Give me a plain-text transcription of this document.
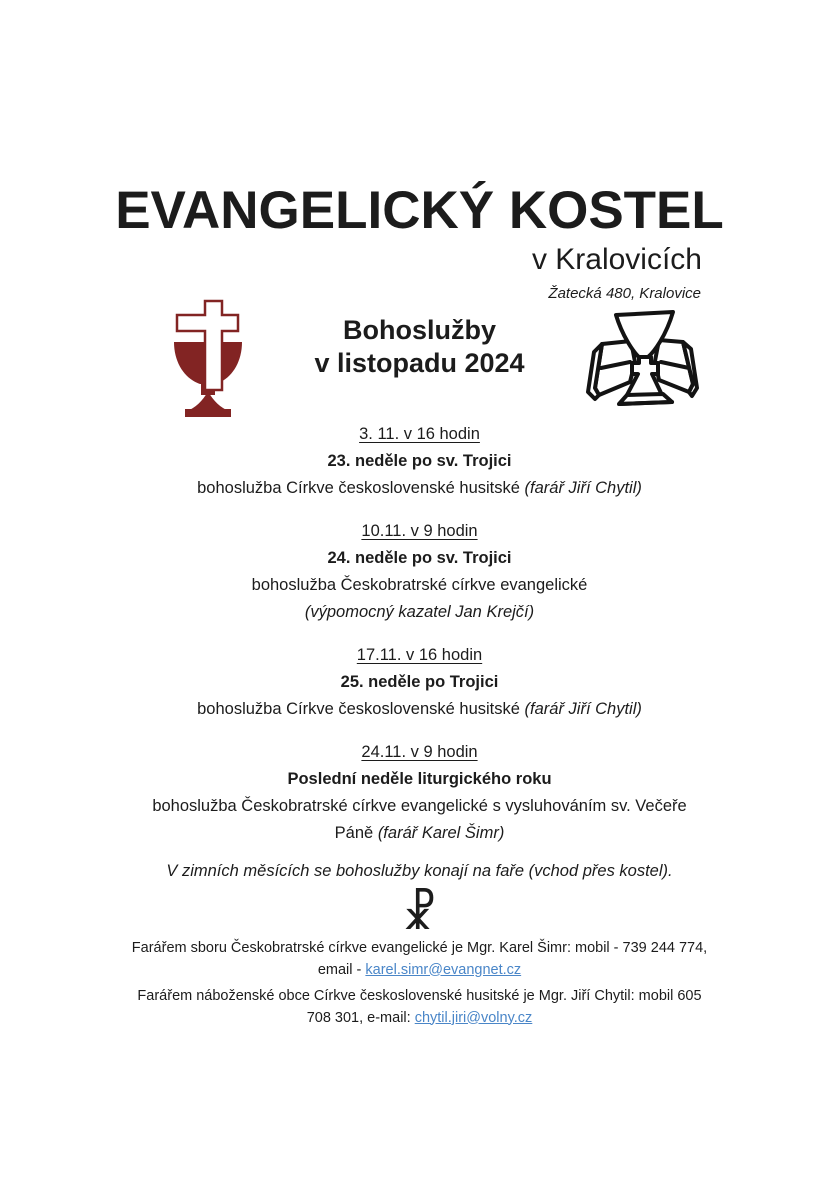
EVANGELICKÝ KOSTEL
v Kralovicích
Žatecká 480, Kralovice
Bohoslužby
v listopadu 2024
3. 11. v 16 hodin
23. neděle po sv. Trojici
bohoslužba Církve československé husitské (farář Jiří Chytil)
10.11. v 9 hodin
24. neděle po sv. Trojici
bohoslužba Českobratrské církve evangelické
(výpomocný kazatel Jan Krejčí)
17.11. v 16 hodin
25. neděle po Trojici
bohoslužba Církve československé husitské (farář Jiří Chytil)
24.11. v 9 hodin
Poslední neděle liturgického roku
bohoslužba Českobratrské církve evangelické s vysluhováním sv. Večeře
Páně (farář Karel Šimr)
V zimních měsících se bohoslužby konají na faře (vchod přes kostel).
☧
Farářem sboru Českobratrské církve evangelické je Mgr. Karel Šimr: mobil - 739 244 774,
email - karel.simr@evangnet.cz
Farářem náboženské obce Církve československé husitské je Mgr. Jiří Chytil: mobil 605
708 301, e-mail: chytil.jiri@volny.cz
